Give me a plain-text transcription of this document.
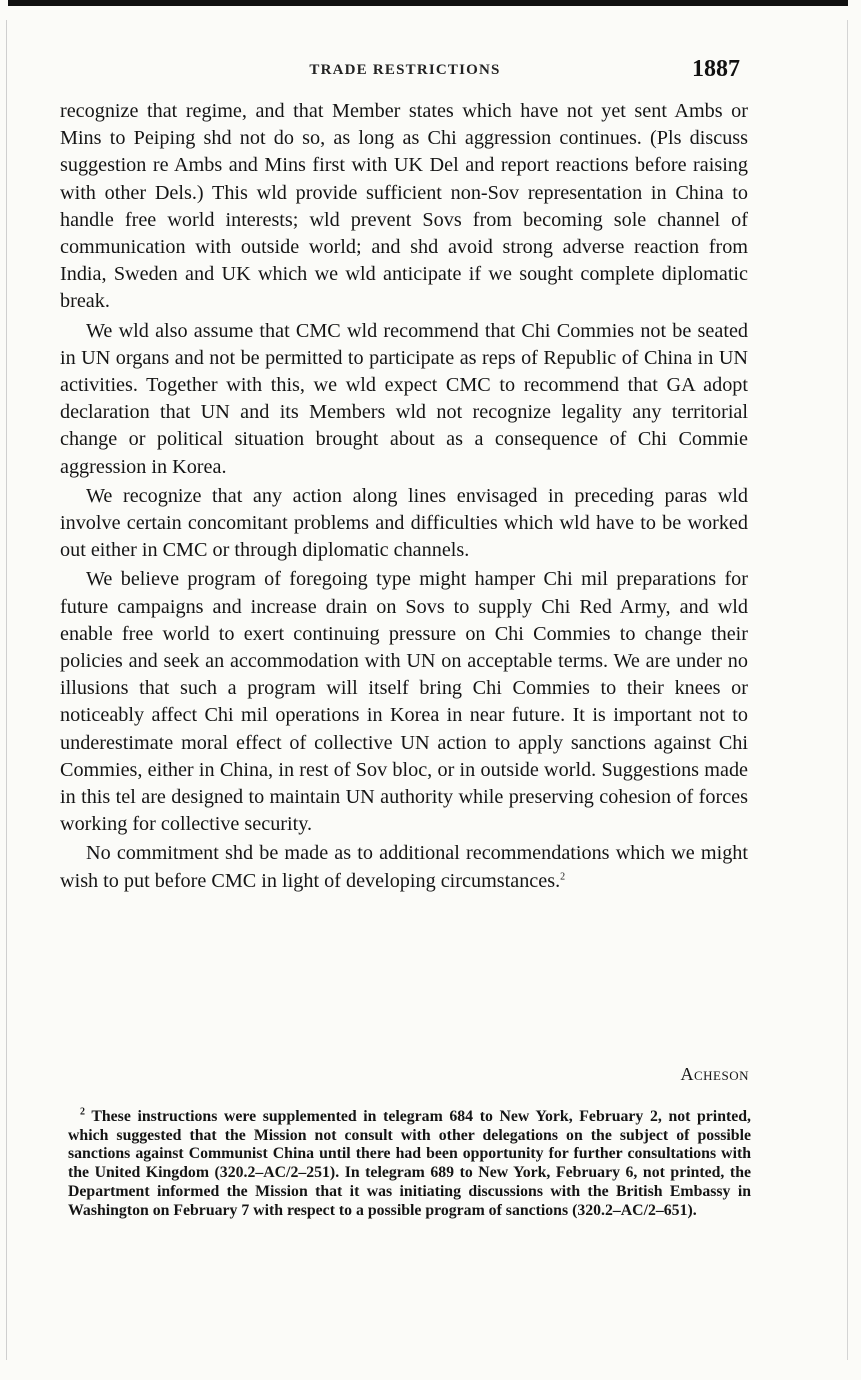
TRADE RESTRICTIONS	1887

recognize that regime, and that Member states which have not yet sent Ambs or Mins to Peiping shd not do so, as long as Chi aggression continues. (Pls discuss suggestion re Ambs and Mins first with UK Del and report reactions before raising with other Dels.) This wld provide sufficient non-Sov representation in China to handle free world interests; wld prevent Sovs from becoming sole channel of communication with outside world; and shd avoid strong adverse reaction from India, Sweden and UK which we wld anticipate if we sought complete diplomatic break.

We wld also assume that CMC wld recommend that Chi Commies not be seated in UN organs and not be permitted to participate as reps of Republic of China in UN activities. Together with this, we wld expect CMC to recommend that GA adopt declaration that UN and its Members wld not recognize legality any territorial change or political situation brought about as a consequence of Chi Commie aggression in Korea.

We recognize that any action along lines envisaged in preceding paras wld involve certain concomitant problems and difficulties which wld have to be worked out either in CMC or through diplomatic channels.

We believe program of foregoing type might hamper Chi mil preparations for future campaigns and increase drain on Sovs to supply Chi Red Army, and wld enable free world to exert continuing pressure on Chi Commies to change their policies and seek an accommodation with UN on acceptable terms. We are under no illusions that such a program will itself bring Chi Commies to their knees or noticeably affect Chi mil operations in Korea in near future. It is important not to underestimate moral effect of collective UN action to apply sanctions against Chi Commies, either in China, in rest of Sov bloc, or in outside world. Suggestions made in this tel are designed to maintain UN authority while preserving cohesion of forces working for collective security.

No commitment shd be made as to additional recommendations which we might wish to put before CMC in light of developing circumstances.$^2$

Acheson
$^2$ These instructions were supplemented in telegram 684 to New York, February 2, not printed, which suggested that the Mission not consult with other delegations on the subject of possible sanctions against Communist China until there had been opportunity for further consultations with the United Kingdom (320.2–AC/2–251). In telegram 689 to New York, February 6, not printed, the Department informed the Mission that it was initiating discussions with the British Embassy in Washington on February 7 with respect to a possible program of sanctions (320.2–AC/2–651).
